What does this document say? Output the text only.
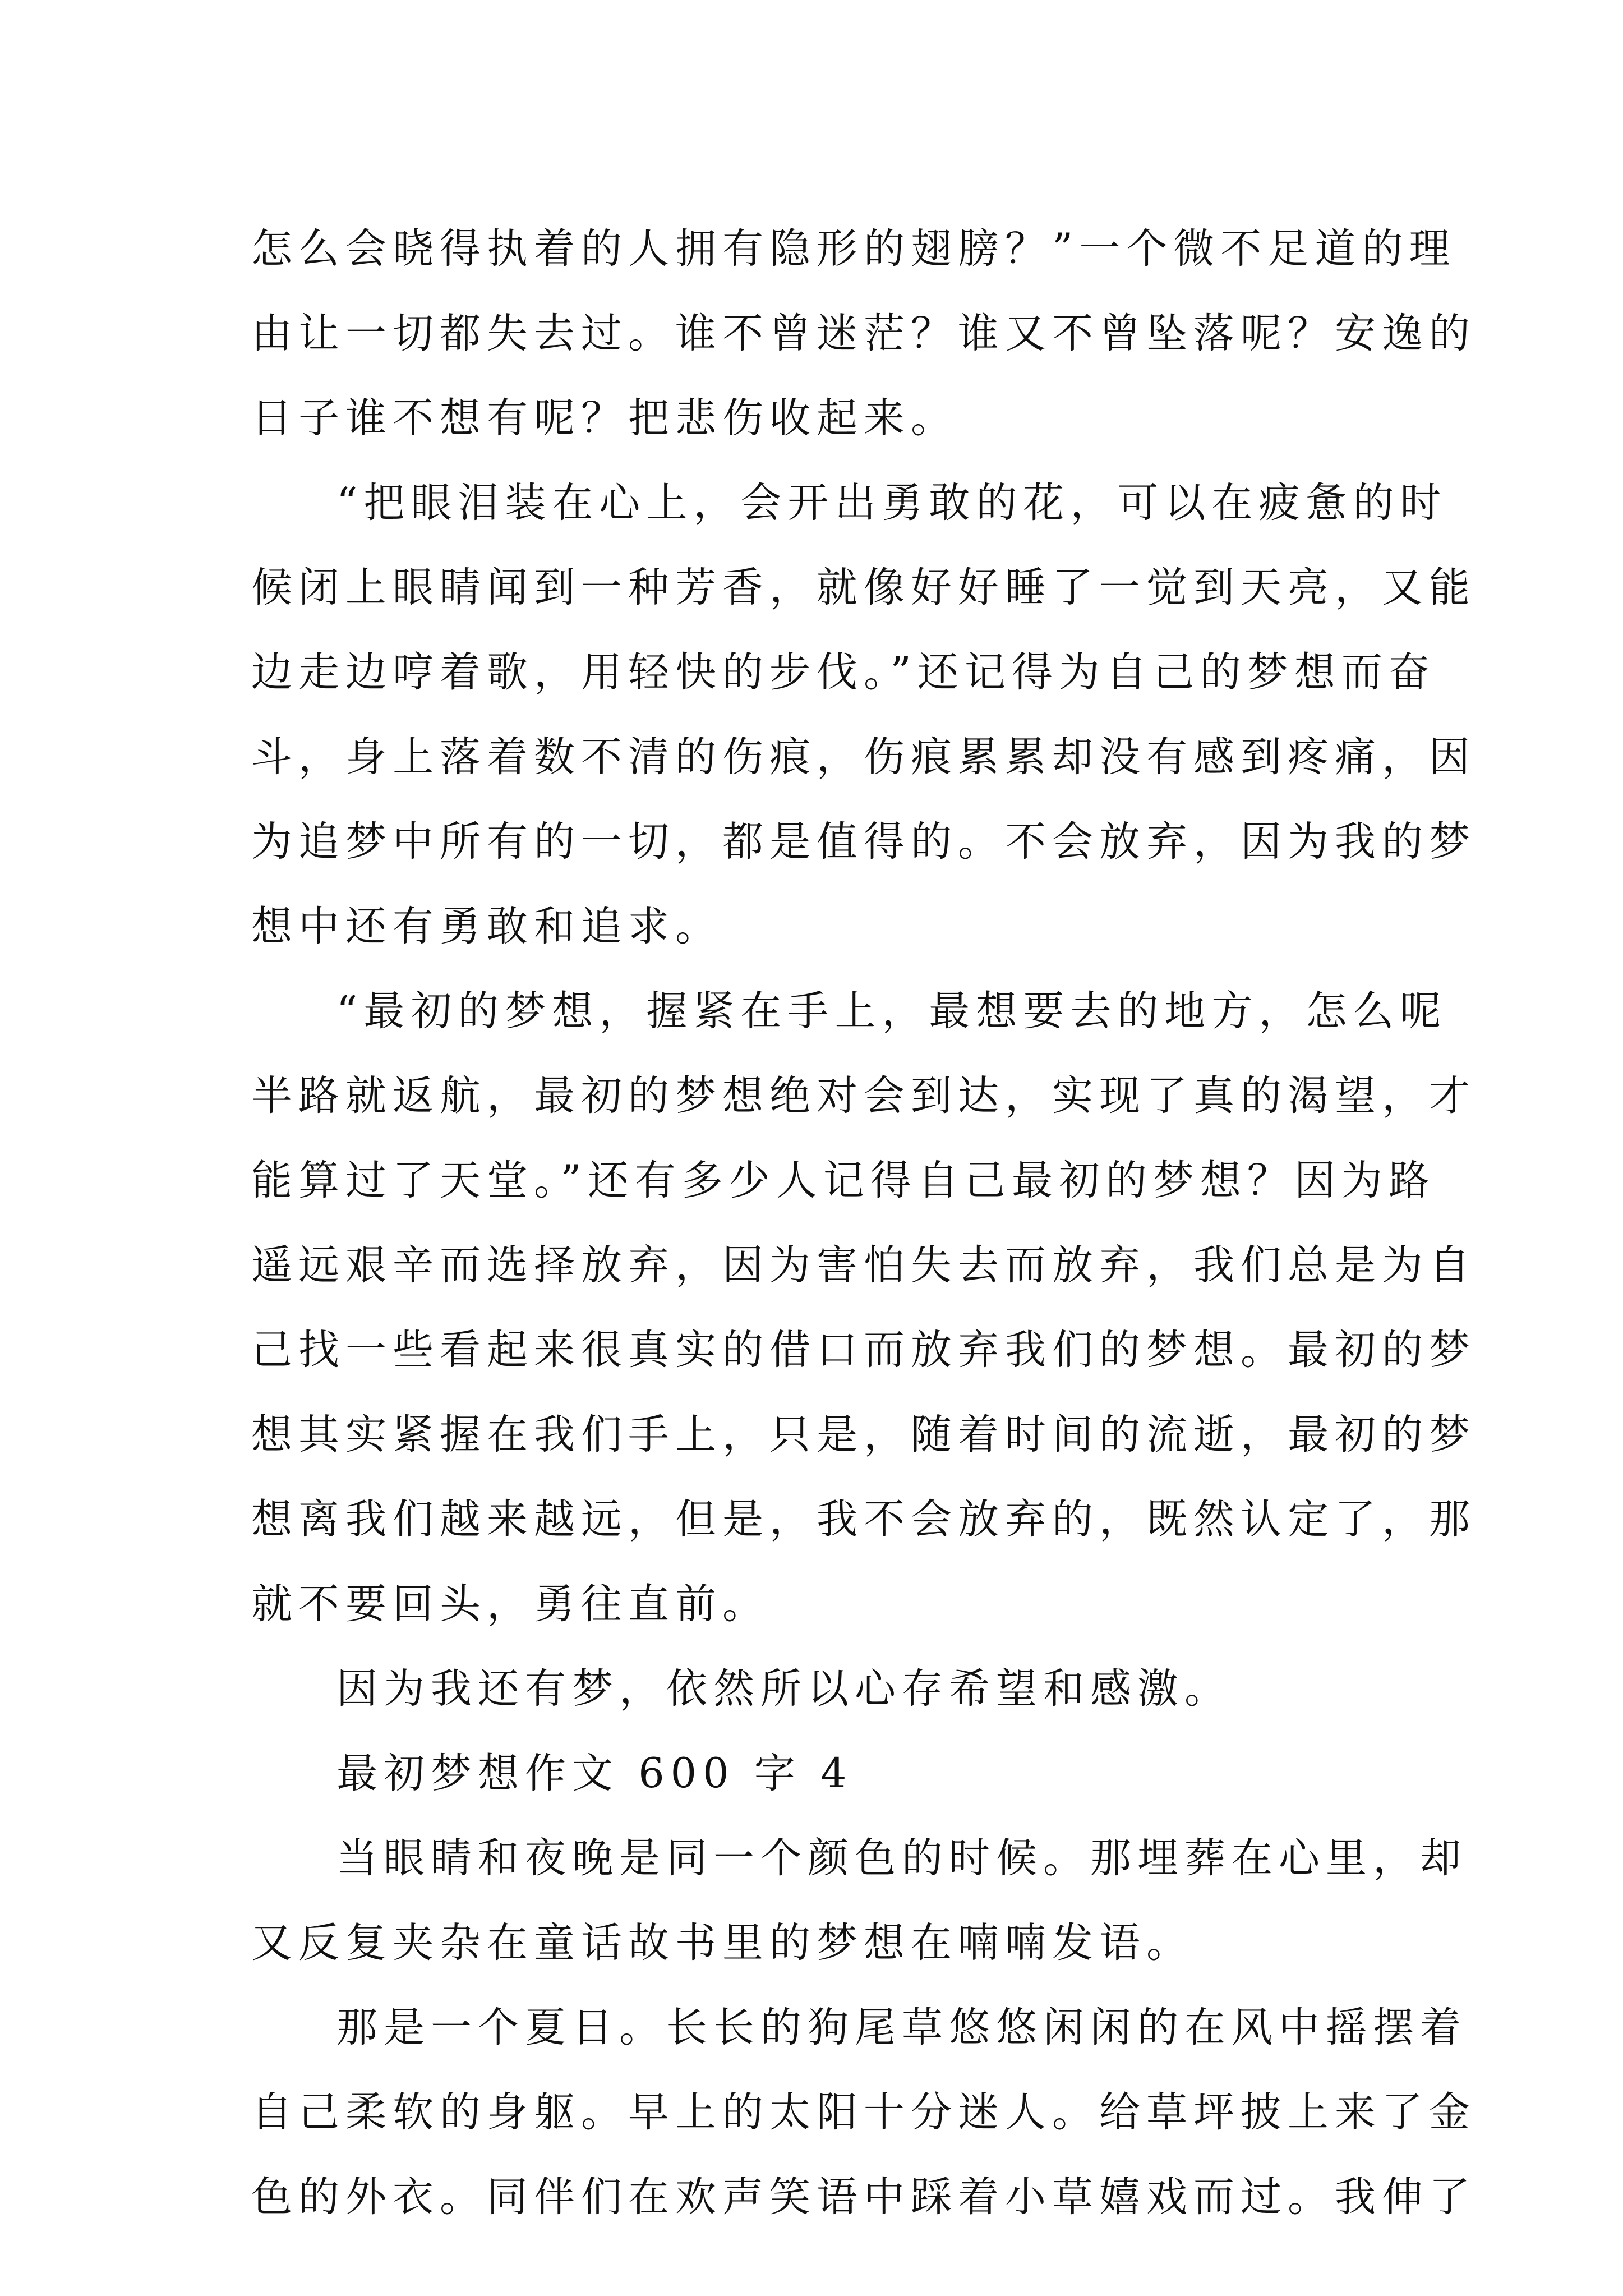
怎么会晓得执着的人拥有隐形的翅膀？”一个微不足道的理
由让一切都失去过。谁不曾迷茫？谁又不曾坠落呢？安逸的
日子谁不想有呢？把悲伤收起来。
“把眼泪装在心上，会开出勇敢的花，可以在疲惫的时
候闭上眼睛闻到一种芳香，就像好好睡了一觉到天亮，又能
边走边哼着歌，用轻快的步伐。”还记得为自己的梦想而奋
斗，身上落着数不清的伤痕，伤痕累累却没有感到疼痛，因
为追梦中所有的一切，都是值得的。不会放弃，因为我的梦
想中还有勇敢和追求。
“最初的梦想，握紧在手上，最想要去的地方，怎么呢
半路就返航，最初的梦想绝对会到达，实现了真的渴望，才
能算过了天堂。”还有多少人记得自己最初的梦想？因为路
遥远艰辛而选择放弃，因为害怕失去而放弃，我们总是为自
己找一些看起来很真实的借口而放弃我们的梦想。最初的梦
想其实紧握在我们手上，只是，随着时间的流逝，最初的梦
想离我们越来越远，但是，我不会放弃的，既然认定了，那
就不要回头，勇往直前。
因为我还有梦，依然所以心存希望和感激。
最初梦想作文 600 字 4
当眼睛和夜晚是同一个颜色的时候。那埋葬在心里，却
又反复夹杂在童话故书里的梦想在喃喃发语。
那是一个夏日。长长的狗尾草悠悠闲闲的在风中摇摆着
自己柔软的身躯。早上的太阳十分迷人。给草坪披上来了金
色的外衣。同伴们在欢声笑语中踩着小草嬉戏而过。我伸了
